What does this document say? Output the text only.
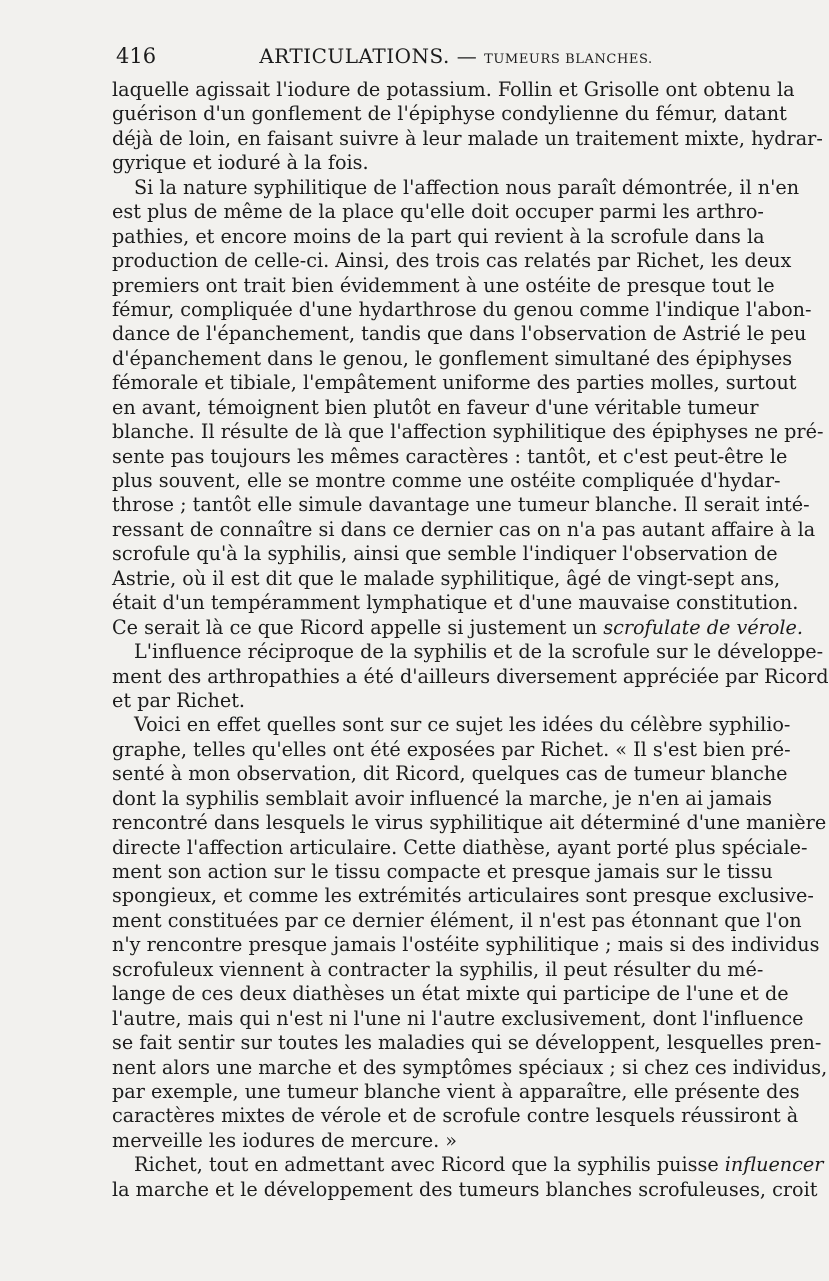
416	ARTICULATIONS. — TUMEURS BLANCHES.
laquelle agissait l'iodure de potassium. Follin et Grisolle ont obtenu la
guérison d'un gonflement de l'épiphyse condylienne du fémur, datant
déjà de loin, en faisant suivre à leur malade un traitement mixte, hydrar-
gyrique et ioduré à la fois.
Si la nature syphilitique de l'affection nous paraît démontrée, il n'en
est plus de même de la place qu'elle doit occuper parmi les arthro-
pathies, et encore moins de la part qui revient à la scrofule dans la
production de celle-ci. Ainsi, des trois cas relatés par Richet, les deux
premiers ont trait bien évidemment à une ostéite de presque tout le
fémur, compliquée d'une hydarthrose du genou comme l'indique l'abon-
dance de l'épanchement, tandis que dans l'observation de Astrié le peu
d'épanchement dans le genou, le gonflement simultané des épiphyses
fémorale et tibiale, l'empâtement uniforme des parties molles, surtout
en avant, témoignent bien plutôt en faveur d'une véritable tumeur
blanche. Il résulte de là que l'affection syphilitique des épiphyses ne pré-
sente pas toujours les mêmes caractères : tantôt, et c'est peut-être le
plus souvent, elle se montre comme une ostéite compliquée d'hydar-
throse ; tantôt elle simule davantage une tumeur blanche. Il serait inté-
ressant de connaître si dans ce dernier cas on n'a pas autant affaire à la
scrofule qu'à la syphilis, ainsi que semble l'indiquer l'observation de
Astrie, où il est dit que le malade syphilitique, âgé de vingt-sept ans,
était d'un tempéramment lymphatique et d'une mauvaise constitution.
Ce serait là ce que Ricord appelle si justement un scrofulate de vérole.
L'influence réciproque de la syphilis et de la scrofule sur le développe-
ment des arthropathies a été d'ailleurs diversement appréciée par Ricord
et par Richet.
Voici en effet quelles sont sur ce sujet les idées du célèbre syphilio-
graphe, telles qu'elles ont été exposées par Richet. « Il s'est bien pré-
senté à mon observation, dit Ricord, quelques cas de tumeur blanche
dont la syphilis semblait avoir influencé la marche, je n'en ai jamais
rencontré dans lesquels le virus syphilitique ait déterminé d'une manière
directe l'affection articulaire. Cette diathèse, ayant porté plus spéciale-
ment son action sur le tissu compacte et presque jamais sur le tissu
spongieux, et comme les extrémités articulaires sont presque exclusive-
ment constituées par ce dernier élément, il n'est pas étonnant que l'on
n'y rencontre presque jamais l'ostéite syphilitique ; mais si des individus
scrofuleux viennent à contracter la syphilis, il peut résulter du mé-
lange de ces deux diathèses un état mixte qui participe de l'une et de
l'autre, mais qui n'est ni l'une ni l'autre exclusivement, dont l'influence
se fait sentir sur toutes les maladies qui se développent, lesquelles pren-
nent alors une marche et des symptômes spéciaux ; si chez ces individus,
par exemple, une tumeur blanche vient à apparaître, elle présente des
caractères mixtes de vérole et de scrofule contre lesquels réussiront à
merveille les iodures de mercure. »
Richet, tout en admettant avec Ricord que la syphilis puisse influencer
la marche et le développement des tumeurs blanches scrofuleuses, croit
